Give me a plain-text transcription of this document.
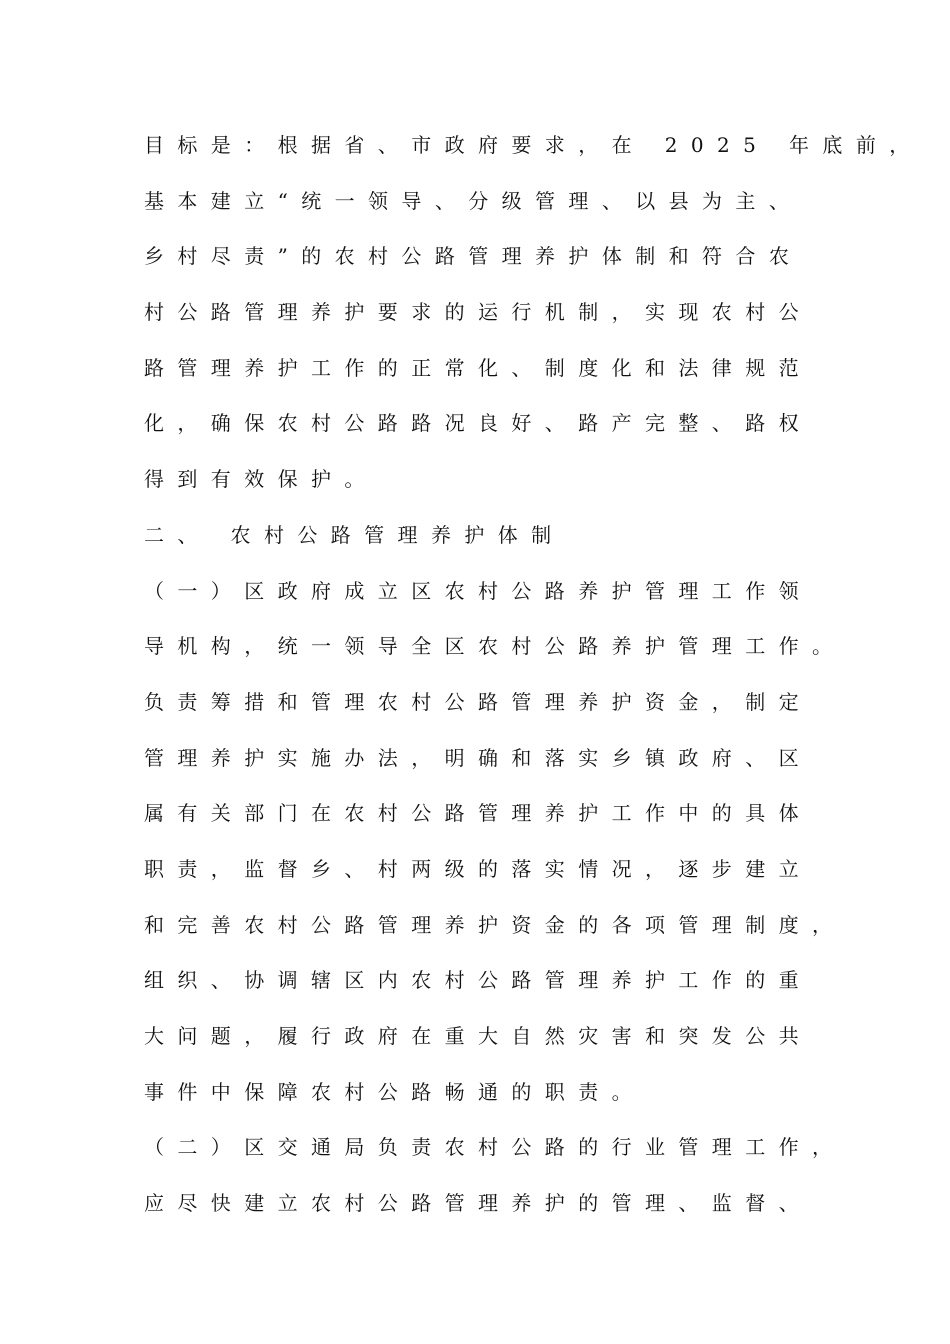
目标是：根据省、市政府要求，在 2025 年底前，
基本建立“统一领导、分级管理、以县为主、
乡村尽责”的农村公路管理养护体制和符合农
村公路管理养护要求的运行机制，实现农村公
路管理养护工作的正常化、制度化和法律规范
化，确保农村公路路况良好、路产完整、路权
得到有效保护。
二、 农村公路管理养护体制
（一）区政府成立区农村公路养护管理工作领
导机构，统一领导全区农村公路养护管理工作。
负责筹措和管理农村公路管理养护资金，制定
管理养护实施办法，明确和落实乡镇政府、区
属有关部门在农村公路管理养护工作中的具体
职责，监督乡、村两级的落实情况，逐步建立
和完善农村公路管理养护资金的各项管理制度，
组织、协调辖区内农村公路管理养护工作的重
大问题，履行政府在重大自然灾害和突发公共
事件中保障农村公路畅通的职责。
（二）区交通局负责农村公路的行业管理工作，
应尽快建立农村公路管理养护的管理、监督、
